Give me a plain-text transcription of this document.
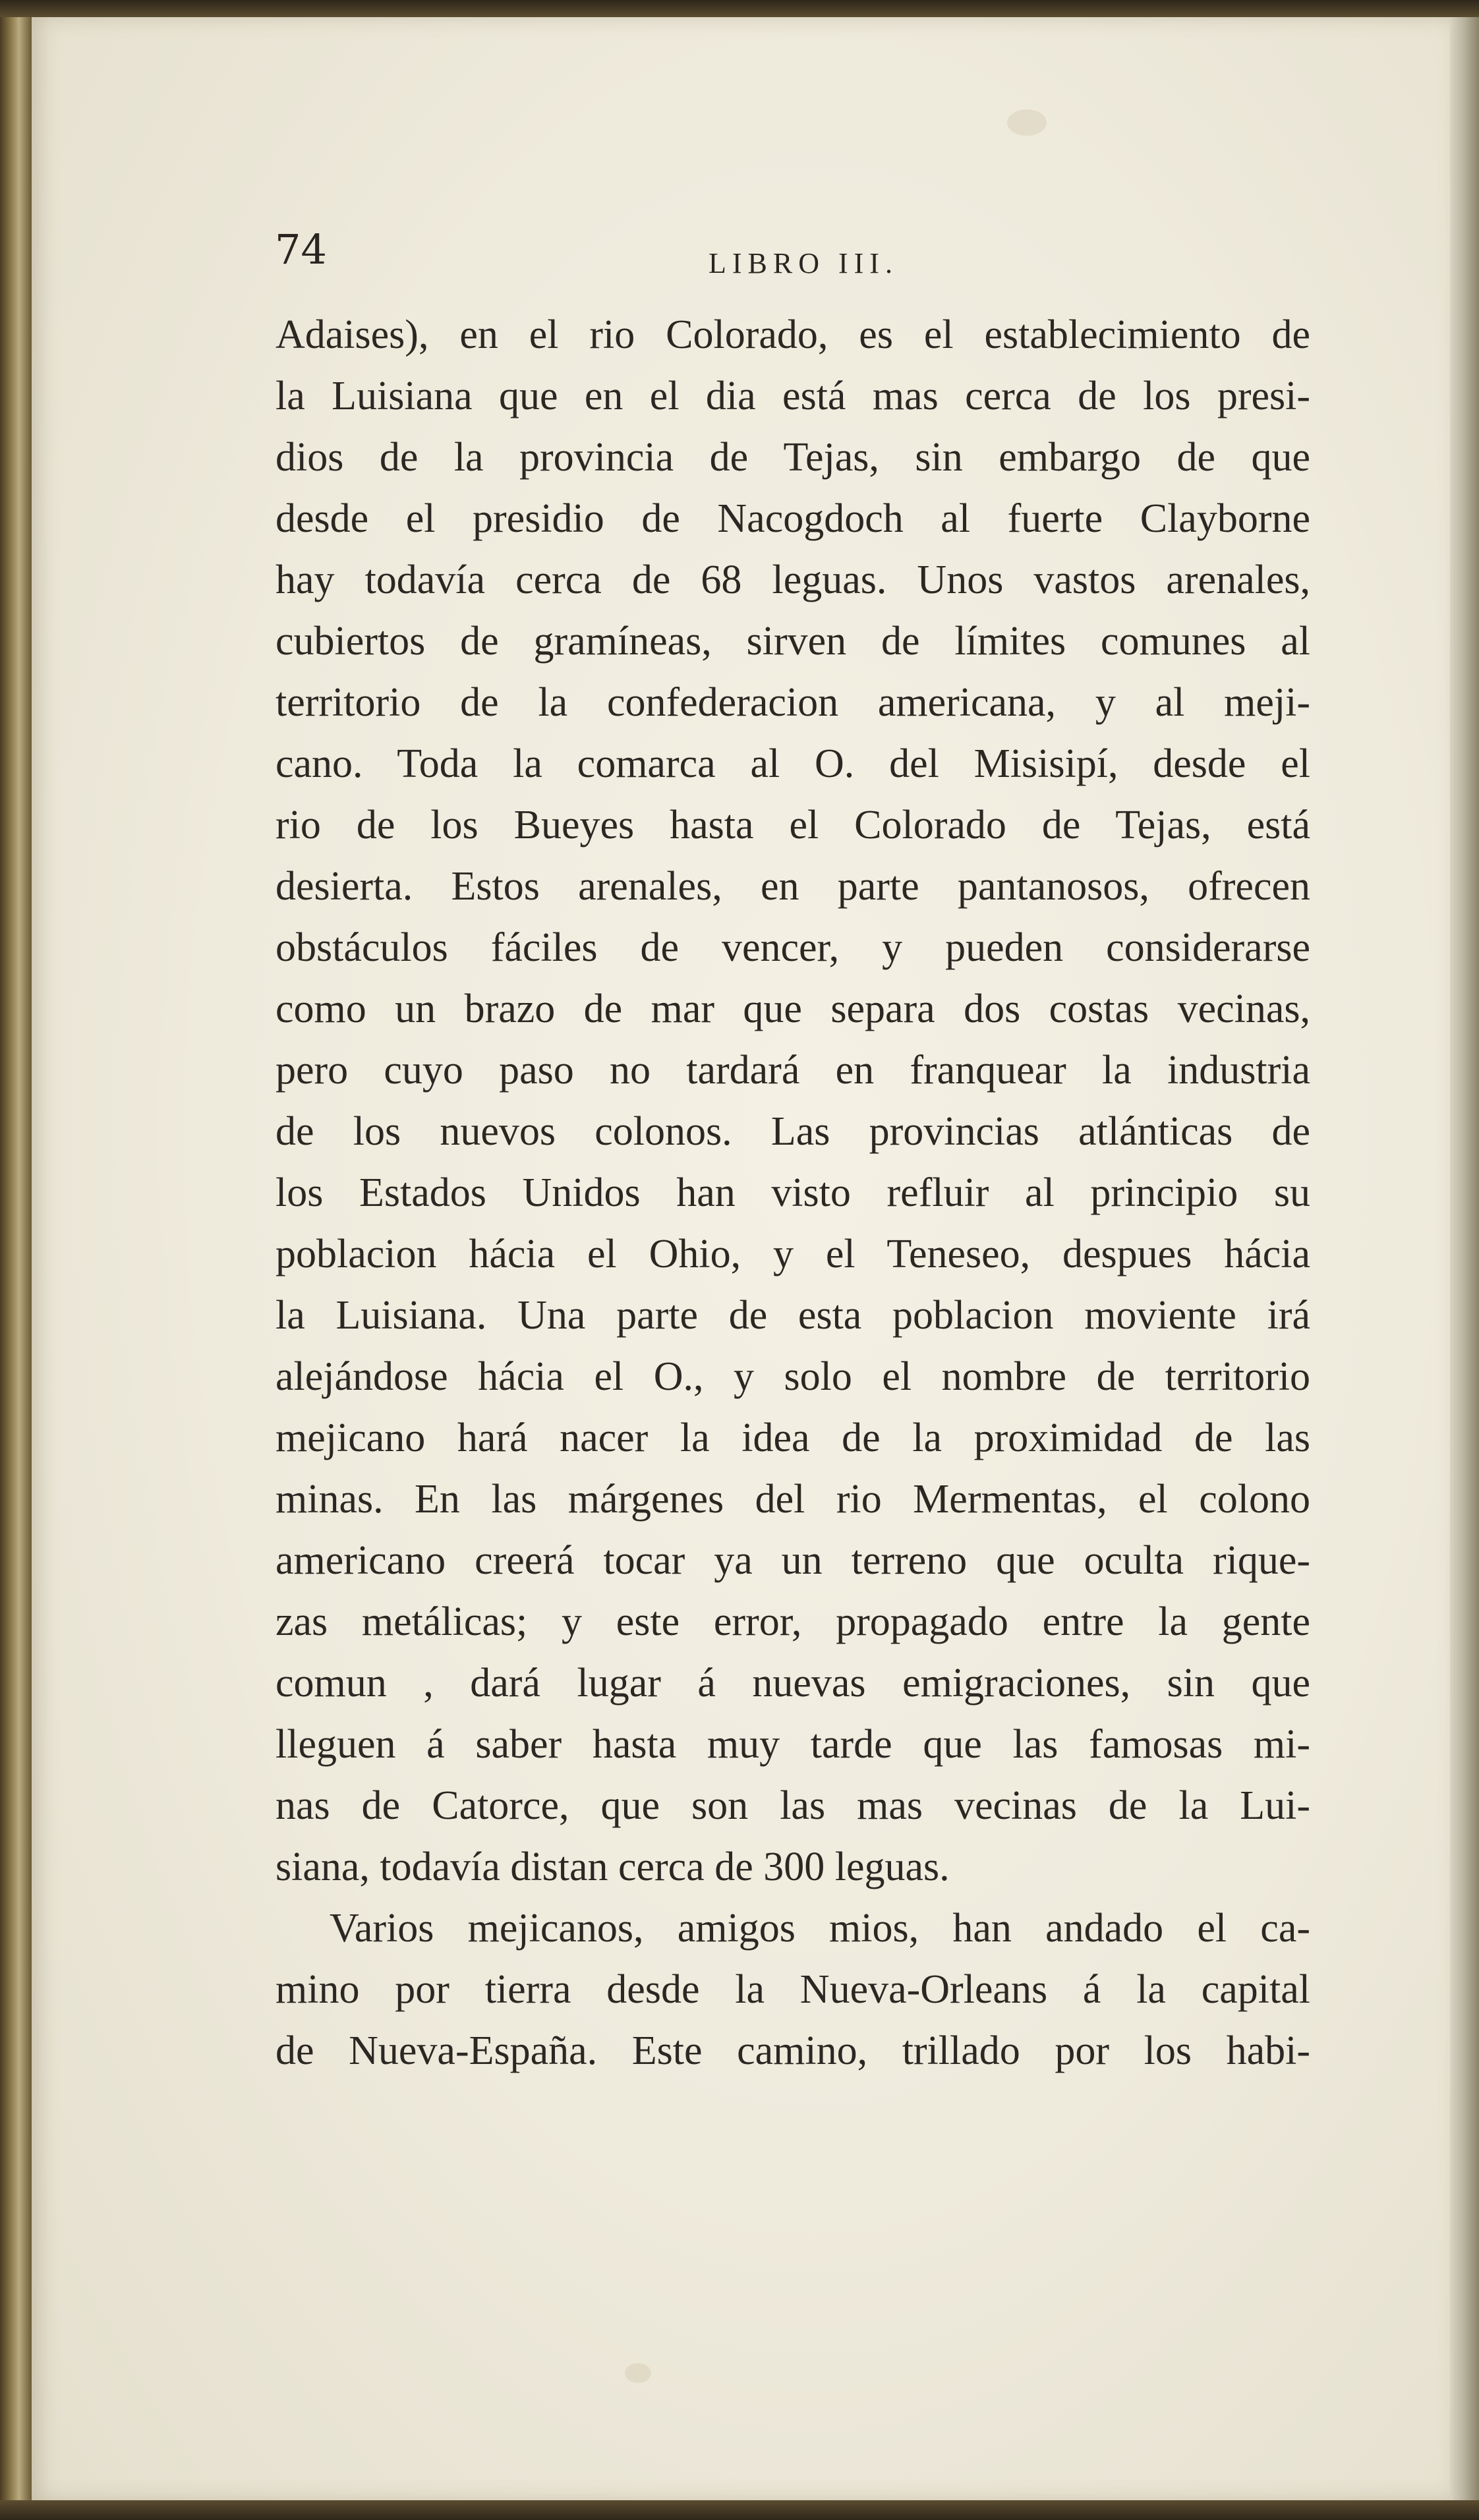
74	LIBRO III.
Adaises), en el rio Colorado, es el establecimiento de
la Luisiana que en el dia está mas cerca de los presi-
dios de la provincia de Tejas, sin embargo de que
desde el presidio de Nacogdoch al fuerte Clayborne
hay todavía cerca de 68 leguas. Unos vastos arenales,
cubiertos de gramíneas, sirven de límites comunes al
territorio de la confederacion americana, y al meji-
cano. Toda la comarca al O. del Misisipí, desde el
rio de los Bueyes hasta el Colorado de Tejas, está
desierta. Estos arenales, en parte pantanosos, ofrecen
obstáculos fáciles de vencer, y pueden considerarse
como un brazo de mar que separa dos costas vecinas,
pero cuyo paso no tardará en franquear la industria
de los nuevos colonos. Las provincias atlánticas de
los Estados Unidos han visto refluir al principio su
poblacion hácia el Ohio, y el Teneseo, despues hácia
la Luisiana. Una parte de esta poblacion moviente irá
alejándose hácia el O., y solo el nombre de territorio
mejicano hará nacer la idea de la proximidad de las
minas. En las márgenes del rio Mermentas, el colono
americano creerá tocar ya un terreno que oculta rique-
zas metálicas; y este error, propagado entre la gente
comun , dará lugar á nuevas emigraciones, sin que
lleguen á saber hasta muy tarde que las famosas mi-
nas de Catorce, que son las mas vecinas de la Lui-
siana, todavía distan cerca de 300 leguas.
Varios mejicanos, amigos mios, han andado el ca-
mino por tierra desde la Nueva-Orleans á la capital
de Nueva-España. Este camino, trillado por los habi-
